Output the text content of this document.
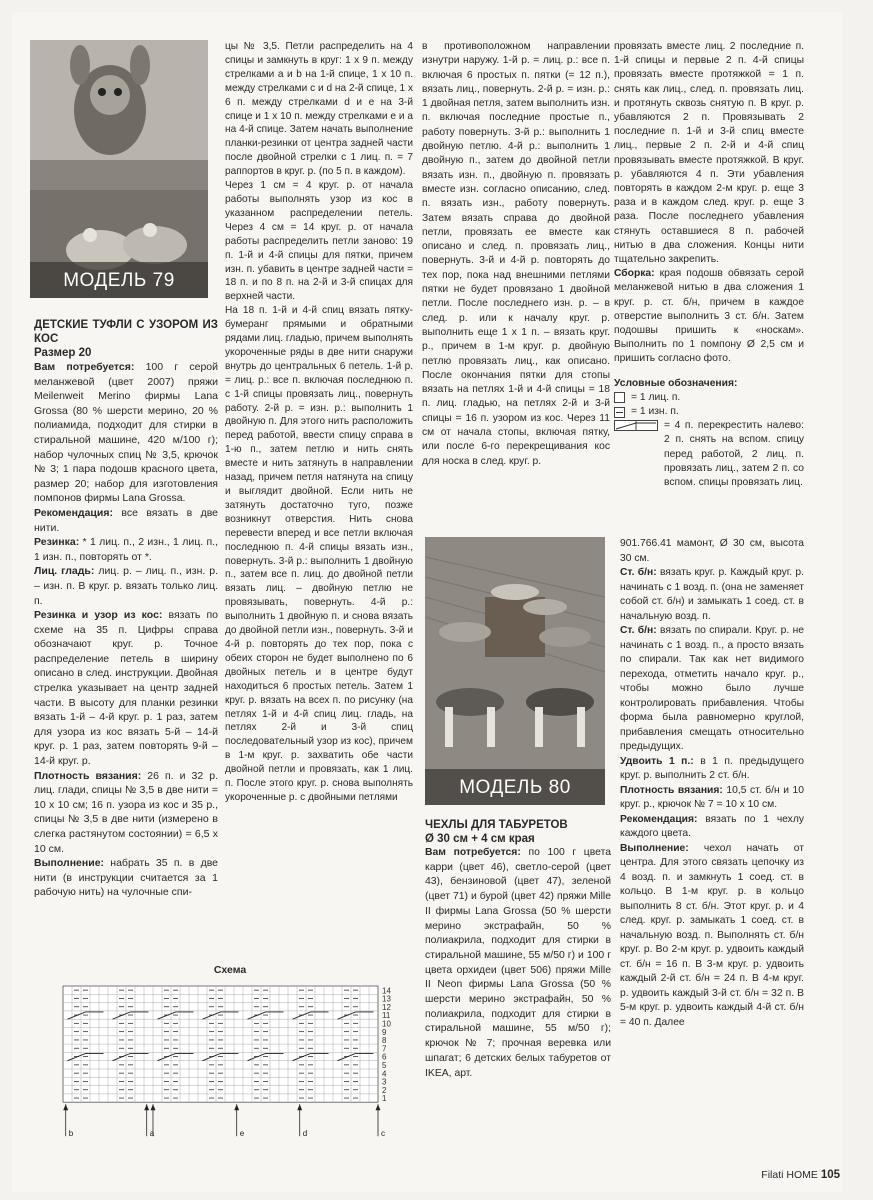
МОДЕЛЬ 79
ДЕТСКИЕ ТУФЛИ С УЗОРОМ ИЗ КОС
Размер 20

Вам потребуется: 100 г серой меланжевой (цвет 2007) пряжи Meilenweit Merino фирмы Lana Grossa (80 % шерсти мерино, 20 % полиамида, подходит для стирки в стиральной машине, 420 м/100 г); набор чулочных спиц № 3,5, крючок № 3; 1 пара подошв красного цвета, размер 20; набор для изготовления помпонов фирмы Lana Grossa.

Рекомендация: все вязать в две нити.

Резинка: * 1 лиц. п., 2 изн., 1 лиц. п., 1 изн. п., повторять от *.

Лиц. гладь: лиц. р. – лиц. п., изн. р. – изн. п. В круг. р. вязать только лиц. п.

Резинка и узор из кос: вязать по схеме на 35 п. Цифры справа обозначают круг. р. Точное распределение петель в ширину описано в след. инструкции. Двойная стрелка указывает на центр задней части. В высоту для планки резинки вязать 1-й – 4-й круг. р. 1 раз, затем для узора из кос вязать 5-й – 14-й круг. р. 1 раз, затем повторять 9-й – 14-й круг. р.

Плотность вязания: 26 п. и 32 р. лиц. глади, спицы № 3,5 в две нити = 10 х 10 см; 16 п. узора из кос и 35 р., спицы № 3,5 в две нити (измерено в слегка растянутом состоянии) = 6,5 х 10 см.

Выполнение: набрать 35 п. в две нити (в инструкции считается за 1 рабочую нить) на чулочные спи-

цы № 3,5. Петли распределить на 4 спицы и замкнуть в круг: 1 х 9 п. между стрелками a и b на 1-й спице, 1 х 10 п. между стрелками c и d на 2-й спице, 1 х 6 п. между стрелками d и e на 3-й спице и 1 х 10 п. между стрелками e и a на 4-й спице. Затем начать выполнение планки-резинки от центра задней части после двойной стрелки с 1 лиц. п. = 7 раппортов в круг. р. (по 5 п. в каждом).

Через 1 см = 4 круг. р. от начала работы выполнять узор из кос в указанном распределении петель. Через 4 см = 14 круг. р. от начала работы распределить петли заново: 19 п. 1-й и 4-й спицы для пятки, причем изн. п. убавить в центре задней части = 18 п. и по 8 п. на 2-й и 3-й спицах для верхней части.

На 18 п. 1-й и 4-й спиц вязать пятку-бумеранг прямыми и обратными рядами лиц. гладью, причем выполнять укороченные ряды в две нити снаружи внутрь до центральных 6 петель. 1-й р. = лиц. р.: все п. включая последнюю п. с 1-й спицы провязать лиц., повернуть работу. 2-й р. = изн. р.: выполнить 1 двойную п. Для этого нить расположить перед работой, ввести спицу справа в 1-ю п., затем петлю и нить снять вместе и нить затянуть в направлении назад, причем петля натянута на спицу и выглядит двойной. Если нить не затянуть достаточно туго, позже возникнут отверстия. Нить снова перевести вперед и все петли включая последнюю п. 4-й спицы вязать изн., повернуть. 3-й р.: выполнить 1 двойную п., затем все п. лиц. до двойной петли вязать лиц. – двойную петлю не провязывать, повернуть. 4-й р.: выполнить 1 двойную п. и снова вязать до двойной петли изн., повернуть. 3-й и 4-й р. повторять до тех пор, пока с обеих сторон не будет выполнено по 6 двойных петель и в центре будут находиться 6 простых петель. Затем 1 круг. р. вязать на всех п. по рисунку (на петлях 1-й и 4-й спиц лиц. гладь, на петлях 2-й и 3-й спиц последовательный узор из кос), причем в 1-м круг. р. захватить обе части двойной петли и провязать, как 1 лиц. п. После этого круг. р. снова выполнять укороченные р. с двойными петлями

в противоположном направлении изнутри наружу. 1-й р. = лиц. р.: все п. включая 6 простых п. пятки (= 12 п.), вязать лиц., повернуть. 2-й р. = изн. р.: 1 двойная петля, затем выполнить изн. п. включая последние простые п., работу повернуть. 3-й р.: выполнить 1 двойную петлю. 4-й р.: выполнить 1 двойную п., затем до двойной петли вязать изн. п., двойную п. провязать вместе изн. согласно описанию, след. п. вязать изн., работу повернуть. Затем вязать справа до двойной петли, провязать ее вместе как описано и след. п. провязать лиц., повернуть. 3-й и 4-й р. повторять до тех пор, пока над внешними петлями пятки не будет провязано 1 двойной петли. После последнего изн. р. – в след. р. или к началу круг. р. выполнить еще 1 х 1 п. – вязать круг. р., причем в 1-м круг. р. двойную петлю провязать лиц., как описано. После окончания пятки для стопы вязать на петлях 1-й и 4-й спицы = 18 п. лиц. гладью, на петлях 2-й и 3-й спицы = 16 п. узором из кос. Через 11 см от начала стопы, включая пятку, или после 6-го перекрещивания кос для носка в след. круг. р.

провязать вместе лиц. 2 последние п. 1-й спицы и первые 2 п. 4-й спицы провязать вместе протяжкой = 1 п. снять как лиц., след. п. провязать лиц. и протянуть сквозь снятую п. В круг. р. убавляются 2 п. Провязывать 2 последние п. 1-й и 3-й спиц вместе лиц., первые 2 п. 2-й и 4-й спиц провязывать вместе протяжкой. В круг. р. убавляются 4 п. Эти убавления повторять в каждом 2-м круг. р. еще 3 раза и в каждом след. круг. р. еще 3 раза. После последнего убавления стянуть оставшиеся 8 п. рабочей нитью в два сложения. Концы нити тщательно закрепить.

Сборка: края подошв обвязать серой меланжевой нитью в два сложения 1 круг. р. ст. б/н, причем в каждое отверстие выполнить 3 ст. б/н. Затем подошвы пришить к «носкам». Выполнить по 1 помпону Ø 2,5 см и пришить согласно фото.

Условные обозначения:

= 1 лиц. п.
= 1 изн. п.

= 4 п. перекрестить налево: 2 п. снять на вспом. спицу перед работой, 2 лиц. п. провязать лиц., затем 2 п. со вспом. спицы провязать лиц.

МОДЕЛЬ 80
ЧЕХЛЫ ДЛЯ ТАБУРЕТОВ
Ø 30 см + 4 см края

Вам потребуется: по 100 г цвета карри (цвет 46), светло-серой (цвет 43), бензиновой (цвет 47), зеленой (цвет 71) и бурой (цвет 42) пряжи Mille II фирмы Lana Grossa (50 % шерсти мерино экстрафайн, 50 % полиакрила, подходит для стирки в стиральной машине, 55 м/50 г) и 100 г цвета орхидеи (цвет 506) пряжи Mille II Neon фирмы Lana Grossa (50 % шерсти мерино экстрафайн, 50 % полиакрила, подходит для стирки в стиральной машине, 55 м/50 г); крючок № 7; прочная веревка или шпагат; 6 детских белых табуретов от IKEA, арт.

901.766.41 мамонт, Ø 30 см, высота 30 см.

Ст. б/н: вязать круг. р. Каждый круг. р. начинать с 1 возд. п. (она не заменяет собой ст. б/н) и замыкать 1 соед. ст. в начальную возд. п.

Ст. б/н: вязать по спирали. Круг. р. не начинать с 1 возд. п., а просто вязать по спирали. Так как нет видимого перехода, отметить начало круг. р., чтобы можно было лучше контролировать прибавления. Чтобы форма была равномерно круглой, прибавления смещать относительно предыдущих.

Удвоить 1 п.: в 1 п. предыдущего круг. р. выполнить 2 ст. б/н.

Плотность вязания: 10,5 ст. б/н и 10 круг. р., крючок № 7 = 10 х 10 см.

Рекомендация: вязать по 1 чехлу каждого цвета.

Выполнение: чехол начать от центра. Для этого связать цепочку из 4 возд. п. и замкнуть 1 соед. ст. в кольцо. В 1-м круг. р. в кольцо выполнить 8 ст. б/н. Этот круг. р. и 4 след. круг. р. замыкать 1 соед. ст. в начальную возд. п. Выполнять ст. б/н круг. р. Во 2-м круг. р. удвоить каждый ст. б/н = 16 п. В 3-м круг. р. удвоить каждый 2-й ст. б/н = 24 п. В 4-м круг. р. удвоить каждый 3-й ст. б/н = 32 п. В 5-м круг. р. удвоить каждый 4-й ст. б/н = 40 п. Далее

Схема
14
13
12
11
10
9
8
7
6
5
4
3
2
1
b	a	e	d	c
Filati HOME 105
